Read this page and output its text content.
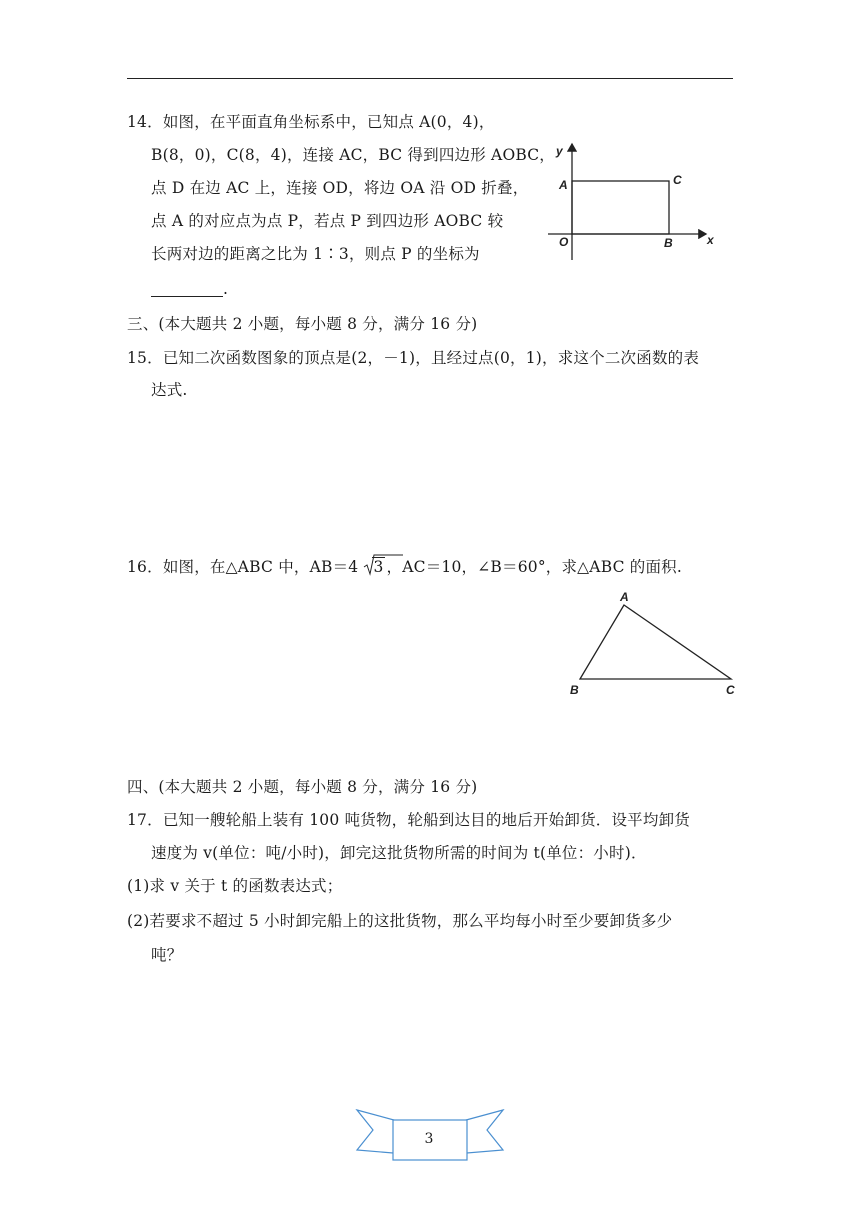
14．如图，在平面直角坐标系中，已知点 A(0，4)，
B(8，0)，C(8，4)，连接 AC，BC 得到四边形 AOBC，
点 D 在边 AC 上，连接 OD，将边 OA 沿 OD 折叠，
点 A 的对应点为点 P，若点 P 到四边形 AOBC 较
长两对边的距离之比为 1∶3，则点 P 的坐标为
.
y
x
A	C
O	B
三、(本大题共 2 小题，每小题 8 分，满分 16 分)
15．已知二次函数图象的顶点是(2，－1)，且经过点(0，1)，求这个二次函数的表
达式.
16．如图，在△ABC 中，AB＝4
3 ，AC＝10，∠B＝60°，求△ABC 的面积.
A
B	C
四、(本大题共 2 小题，每小题 8 分，满分 16 分)
17．已知一艘轮船上装有 100 吨货物，轮船到达目的地后开始卸货．设平均卸货
速度为 v(单位：吨/小时)，卸完这批货物所需的时间为 t(单位：小时)．
(1)求 v 关于 t 的函数表达式；
(2)若要求不超过 5 小时卸完船上的这批货物，那么平均每小时至少要卸货多少
吨？
3
